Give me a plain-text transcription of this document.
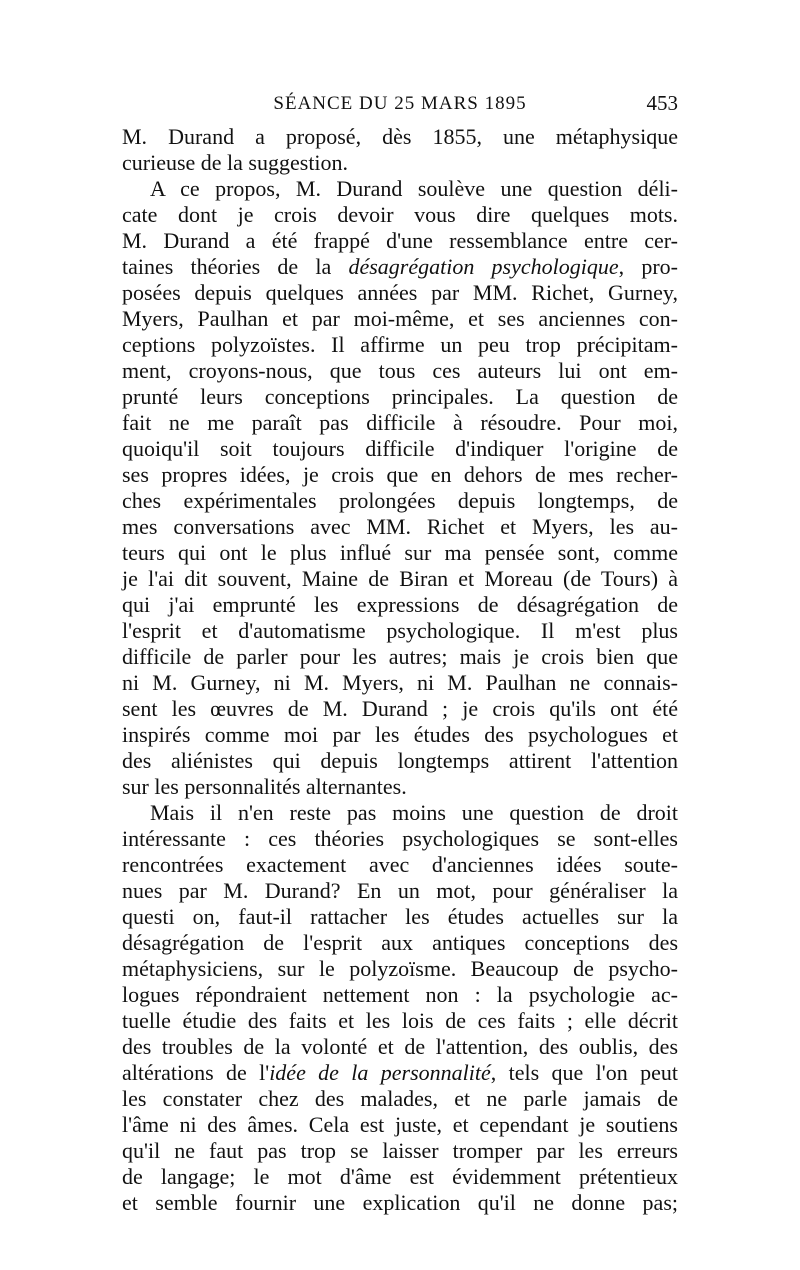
SÉANCE DU 25 MARS 1895	453
M. Durand a proposé, dès 1855, une métaphysique
curieuse de la suggestion.
A ce propos, M. Durand soulève une question déli-
cate dont je crois devoir vous dire quelques mots.
M. Durand a été frappé d'une ressemblance entre cer-
taines théories de la désagrégation psychologique, pro-
posées depuis quelques années par MM. Richet, Gurney,
Myers, Paulhan et par moi-même, et ses anciennes con-
ceptions polyzoïstes. Il affirme un peu trop précipitam-
ment, croyons-nous, que tous ces auteurs lui ont em-
prunté leurs conceptions principales. La question de
fait ne me paraît pas difficile à résoudre. Pour moi,
quoiqu'il soit toujours difficile d'indiquer l'origine de
ses propres idées, je crois que en dehors de mes recher-
ches expérimentales prolongées depuis longtemps, de
mes conversations avec MM. Richet et Myers, les au-
teurs qui ont le plus influé sur ma pensée sont, comme
je l'ai dit souvent, Maine de Biran et Moreau (de Tours) à
qui j'ai emprunté les expressions de désagrégation de
l'esprit et d'automatisme psychologique. Il m'est plus
difficile de parler pour les autres; mais je crois bien que
ni M. Gurney, ni M. Myers, ni M. Paulhan ne connais-
sent les œuvres de M. Durand ; je crois qu'ils ont été
inspirés comme moi par les études des psychologues et
des aliénistes qui depuis longtemps attirent l'attention
sur les personnalités alternantes.
Mais il n'en reste pas moins une question de droit
intéressante : ces théories psychologiques se sont-elles
rencontrées exactement avec d'anciennes idées soute-
nues par M. Durand? En un mot, pour généraliser la
questi on, faut-il rattacher les études actuelles sur la
désagrégation de l'esprit aux antiques conceptions des
métaphysiciens, sur le polyzoïsme. Beaucoup de psycho-
logues répondraient nettement non : la psychologie ac-
tuelle étudie des faits et les lois de ces faits ; elle décrit
des troubles de la volonté et de l'attention, des oublis, des
altérations de l'idée de la personnalité, tels que l'on peut
les constater chez des malades, et ne parle jamais de
l'âme ni des âmes. Cela est juste, et cependant je soutiens
qu'il ne faut pas trop se laisser tromper par les erreurs
de langage; le mot d'âme est évidemment prétentieux
et semble fournir une explication qu'il ne donne pas;
